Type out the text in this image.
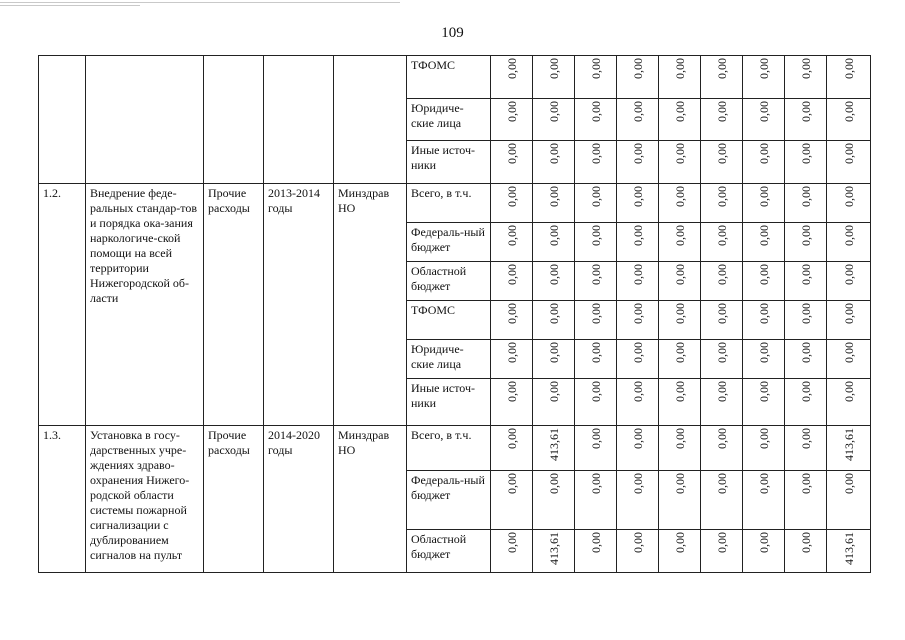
109
					ТФОМС	0,00	0,00	0,00	0,00	0,00	0,00	0,00	0,00	0,00
					Юридиче-ские лица	0,00	0,00	0,00	0,00	0,00	0,00	0,00	0,00	0,00
					Иные источ-ники	0,00	0,00	0,00	0,00	0,00	0,00	0,00	0,00	0,00
1.2.	Внедрение феде-ральных стандар-тов и порядка ока-зания наркологиче-ской помощи на всей территории Нижегородской об-ласти	Прочие расходы	2013-2014 годы	Минздрав НО	Всего, в т.ч.	0,00	0,00	0,00	0,00	0,00	0,00	0,00	0,00	0,00
					Федераль-ный бюджет	0,00	0,00	0,00	0,00	0,00	0,00	0,00	0,00	0,00
					Областной бюджет	0,00	0,00	0,00	0,00	0,00	0,00	0,00	0,00	0,00
					ТФОМС	0,00	0,00	0,00	0,00	0,00	0,00	0,00	0,00	0,00
					Юридиче-ские лица	0,00	0,00	0,00	0,00	0,00	0,00	0,00	0,00	0,00
					Иные источ-ники	0,00	0,00	0,00	0,00	0,00	0,00	0,00	0,00	0,00
1.3.	Установка в госу-дарственных учре-ждениях здраво-охранения Нижего-родской области системы пожарной сигнализации с дублированием сигналов на пульт	Прочие расходы	2014-2020 годы	Минздрав НО	Всего, в т.ч.	0,00	413,61	0,00	0,00	0,00	0,00	0,00	0,00	413,61
					Федераль-ный бюджет	0,00	0,00	0,00	0,00	0,00	0,00	0,00	0,00	0,00
					Областной бюджет	0,00	413,61	0,00	0,00	0,00	0,00	0,00	0,00	413,61
